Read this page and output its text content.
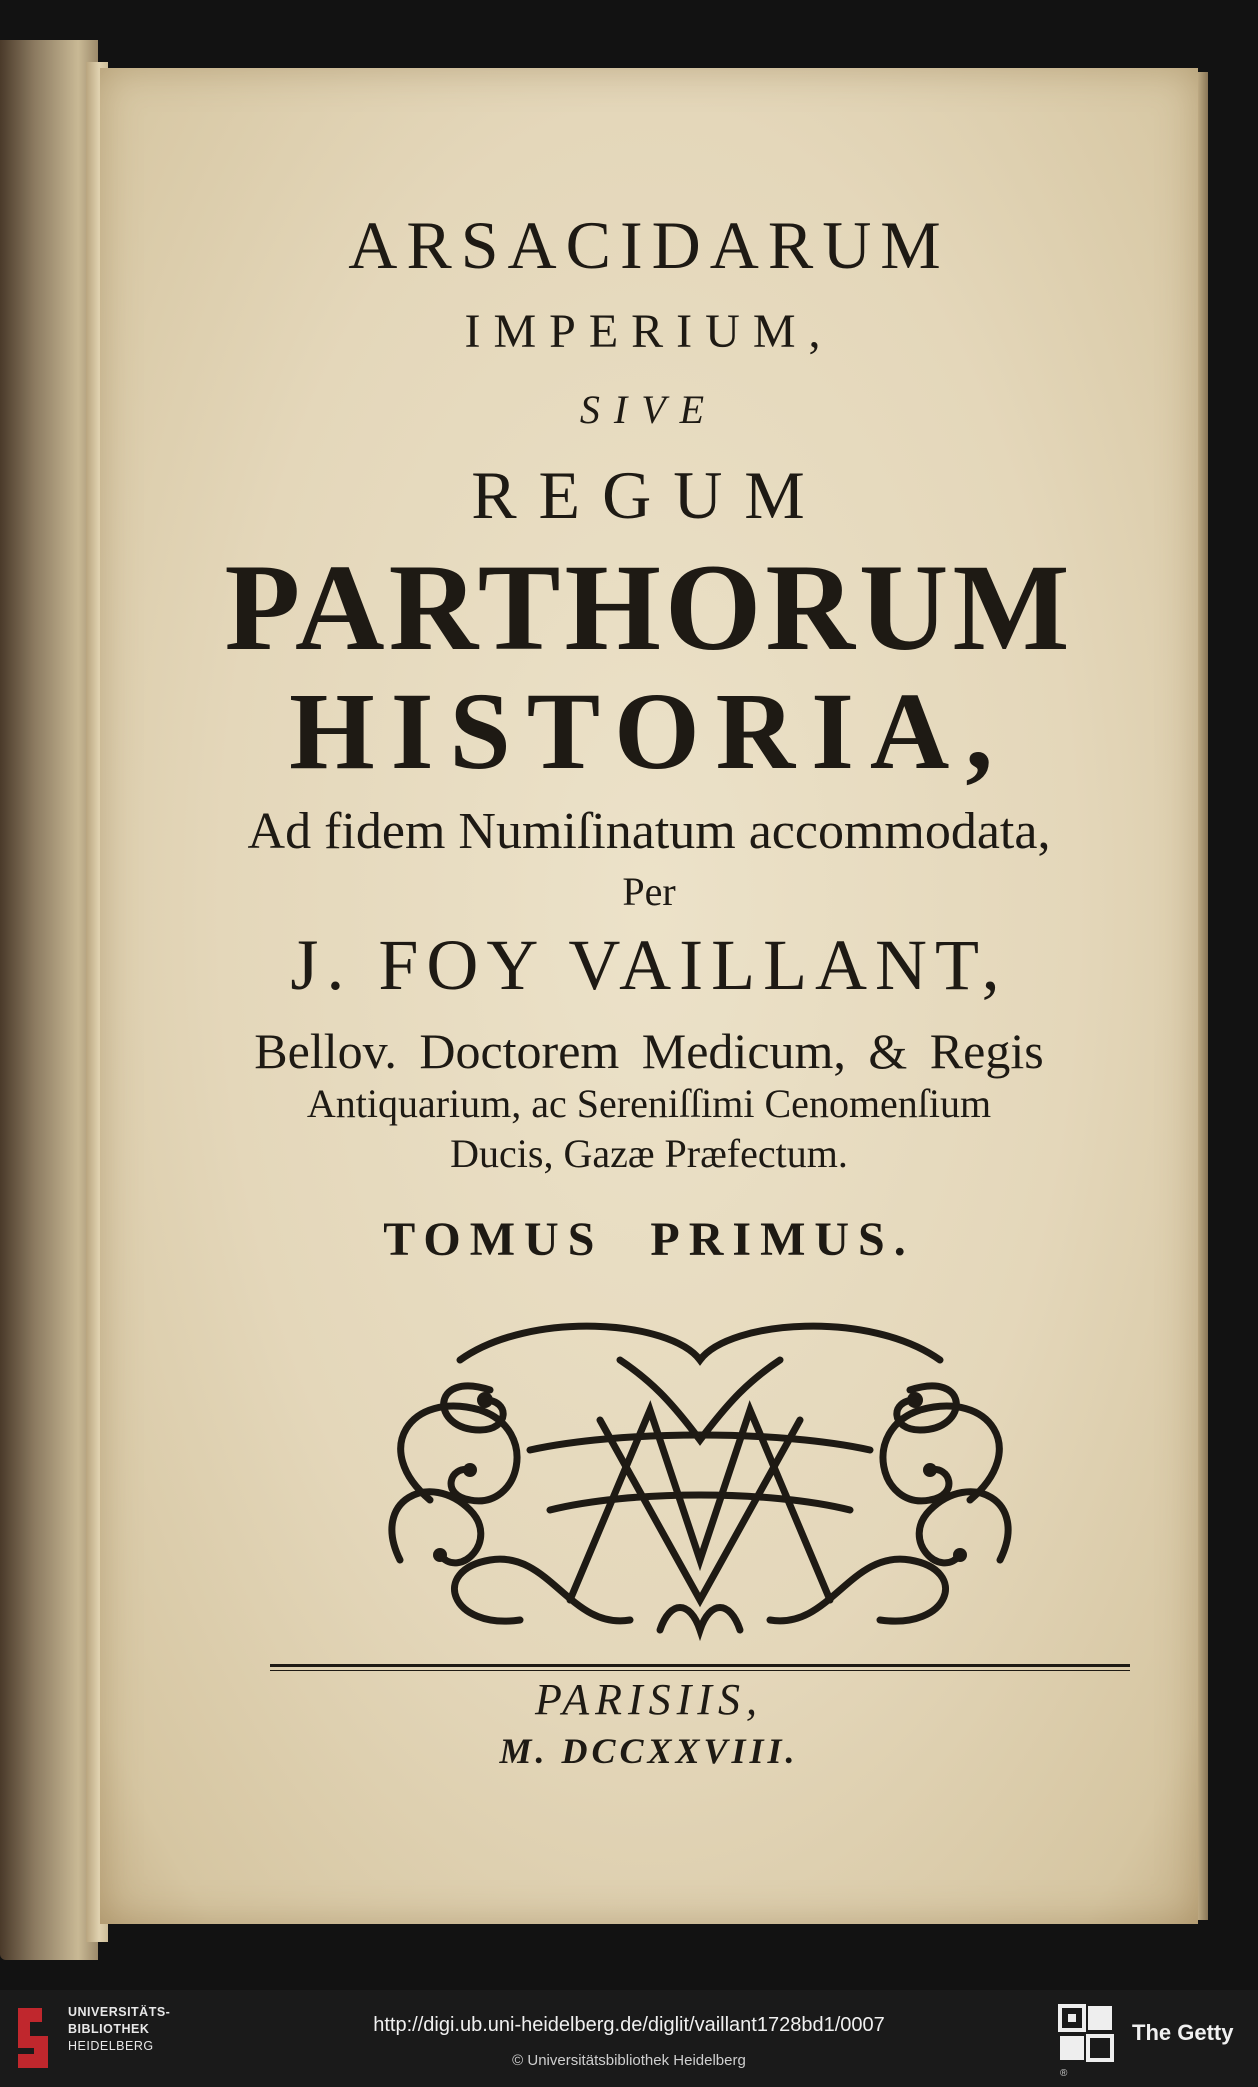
ARSACIDARUM
IMPERIUM,
SIVE
REGUM
PARTHORUM
HISTORIA,
Ad fidem Numiſinatum accommodata,
Per
J. FOY VAILLANT,
Bellov. Doctorem Medicum, & Regis
Antiquarium, ac Sereniſſimi Cenomenſium
Ducis, Gazæ Præfectum.
TOMUS PRIMUS.
PARISIIS,
M. DCCXXVIII.
UNIVERSITÄTS-
BIBLIOTHEK
HEIDELBERG
http://digi.ub.uni-heidelberg.de/diglit/vaillant1728bd1/0007
© Universitätsbibliothek Heidelberg
®
The Getty
